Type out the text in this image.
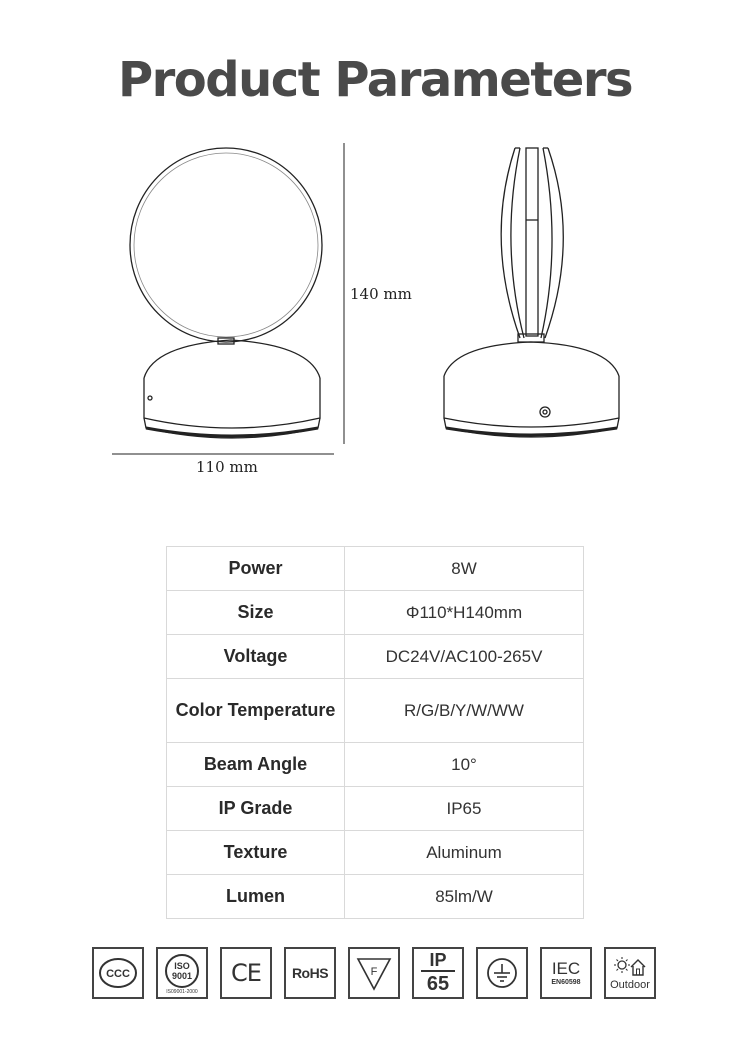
Product Parameters
140 mm
110 mm
Power	8W
Size	Φ110*H140mm
Voltage	DC24V/AC100-265V
Color Temperature	R/G/B/Y/W/WW
Beam Angle	10°
IP Grade	IP65
Texture	Aluminum
Lumen	85lm/W
CCC
ISO
9001
IS09001-2000
CE RoHS	F
IP
65
IEC
EN60598	Outdoor
